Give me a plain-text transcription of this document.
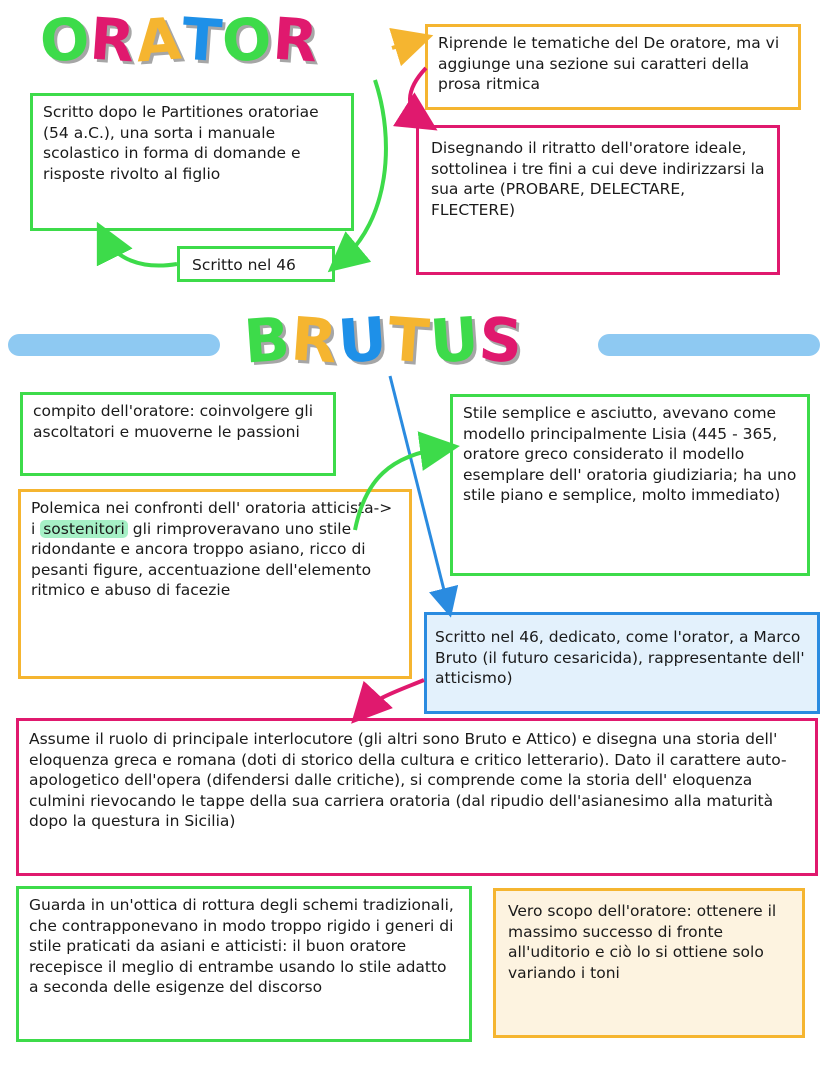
ORATOR
Scritto dopo le Partitiones oratoriae (54 a.C.), una sorta i manuale scolastico in forma di domande e risposte rivolto al figlio
Scritto nel 46
Riprende le tematiche del De oratore, ma vi aggiunge una sezione sui caratteri della prosa ritmica
Disegnando il ritratto dell'oratore ideale, sottolinea i tre fini a cui deve indirizzarsi la sua arte (PROBARE, DELECTARE, FLECTERE)
BRUTUS
compito dell'oratore: coinvolgere gli ascoltatori e muoverne le passioni
Polemica nei confronti dell' oratoria atticista-> i sostenitori gli rimproveravano uno stile ridondante e ancora troppo asiano, ricco di pesanti figure, accentuazione dell'elemento ritmico e abuso di facezie
Stile semplice e asciutto, avevano come modello principalmente Lisia (445 - 365, oratore greco considerato il modello esemplare dell' oratoria giudiziaria; ha uno stile piano e semplice, molto immediato)
Scritto nel 46, dedicato, come l'orator, a Marco Bruto (il futuro cesaricida), rappresentante dell' atticismo)
Assume il ruolo di principale interlocutore (gli altri sono Bruto e Attico) e disegna una storia dell' eloquenza greca e romana (doti di storico della cultura e critico letterario). Dato il carattere auto-apologetico dell'opera (difendersi dalle critiche), si comprende come la storia dell' eloquenza culmini rievocando le tappe della sua carriera oratoria (dal ripudio dell'asianesimo alla maturità dopo la questura in Sicilia)
Guarda in un'ottica di rottura degli schemi tradizionali, che contrapponevano in modo troppo rigido i generi di stile praticati da asiani e atticisti: il buon oratore recepisce il meglio di entrambe usando lo stile adatto a seconda delle esigenze del discorso
Vero scopo dell'oratore: ottenere il massimo successo di fronte all'uditorio e ciò lo si ottiene solo variando i toni
